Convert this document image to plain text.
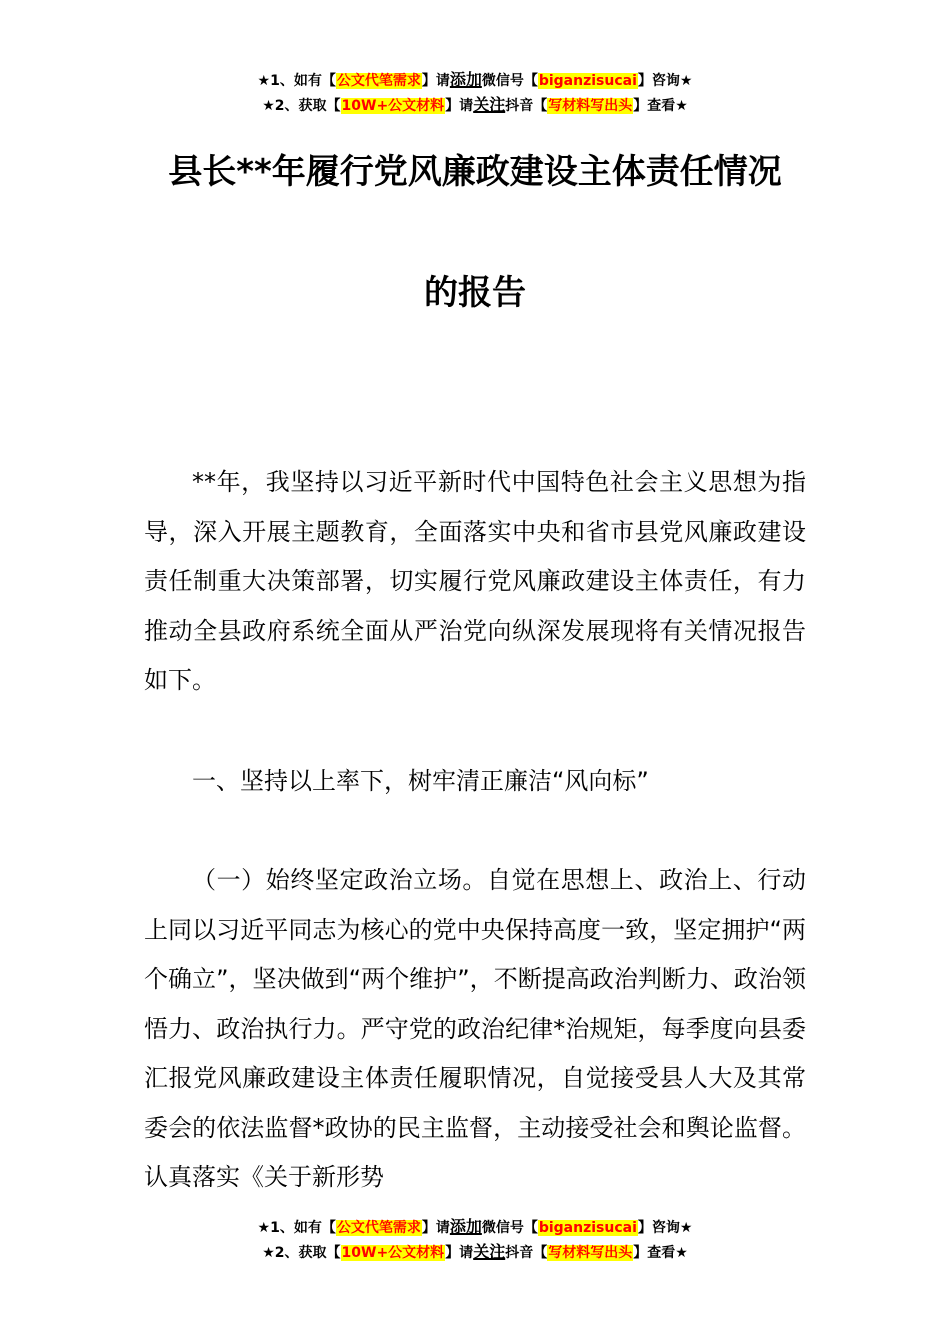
★1、如有【公文代笔需求】请添加微信号【biganzisucai】咨询★
★2、获取【10W+公文材料】请关注抖音【写材料写出头】查看★
县长**年履行党风廉政建设主体责任情况
的报告

**年，我坚持以习近平新时代中国特色社会主义思想为指导，深入开展主题教育，全面落实中央和省市县党风廉政建设责任制重大决策部署，切实履行党风廉政建设主体责任，有力推动全县政府系统全面从严治党向纵深发展现将有关情况报告如下。

一、坚持以上率下，树牢清正廉洁“风向标”

（一）始终坚定政治立场。自觉在思想上、政治上、行动上同以习近平同志为核心的党中央保持高度一致，坚定拥护“两个确立”，坚决做到“两个维护”，不断提高政治判断力、政治领悟力、政治执行力。严守党的政治纪律*治规矩，每季度向县委汇报党风廉政建设主体责任履职情况，自觉接受县人大及其常委会的依法监督*政协的民主监督，主动接受社会和舆论监督。认真落实《关于新形势

★1、如有【公文代笔需求】请添加微信号【biganzisucai】咨询★
★2、获取【10W+公文材料】请关注抖音【写材料写出头】查看★
